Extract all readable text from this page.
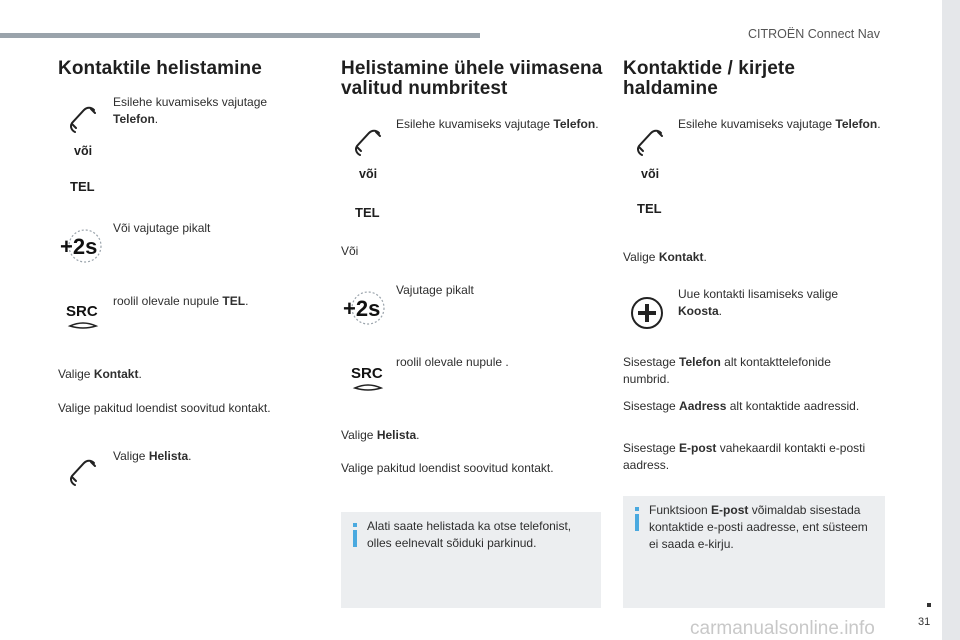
CITROËN Connect Nav
31
carmanualsonline.info
Kontaktile helistamine

Esilehe kuvamiseks vajutage Telefon.

või
TEL

Või vajutage pikalt

roolil olevale nupule TEL.

Valige Kontakt.

Valige pakitud loendist soovitud kontakt.

Valige Helista.

Helistamine ühele viimasena
valitud numbritest

Esilehe kuvamiseks vajutage Telefon.

või
TEL

Või

Vajutage pikalt

roolil olevale nupule .

Valige Helista.

Valige pakitud loendist soovitud kontakt.

Alati saate helistada ka otse telefonist, olles eelnevalt sõiduki parkinud.

Kontaktide / kirjete
haldamine

Esilehe kuvamiseks vajutage Telefon.

või
TEL

Valige Kontakt.

Uue kontakti lisamiseks valige Koosta.

Sisestage Telefon alt kontakttelefonide numbrid.

Sisestage Aadress alt kontaktide aadressid.

Sisestage E-post vahekaardil kontakti e-posti aadress.

Funktsioon E-post võimaldab sisestada kontaktide e-posti aadresse, ent süsteem ei saada e-kirju.
